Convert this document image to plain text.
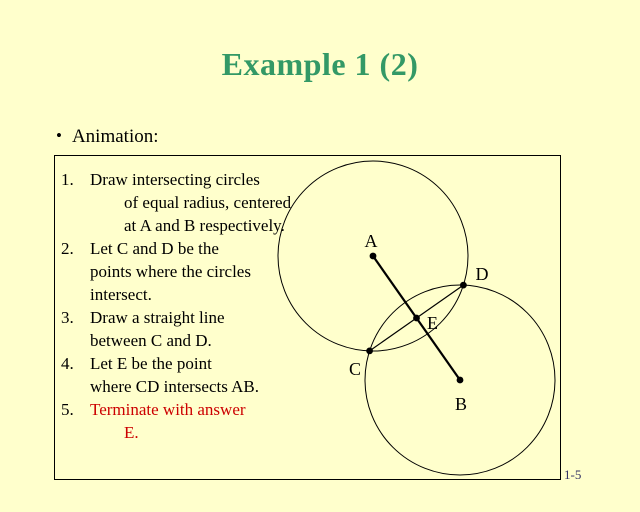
Example 1 (2)
• Animation:
1. Draw intersecting circles
of equal radius, centered
at A and B respectively.
2. Let C and D be the
points where the circles
intersect.
3. Draw a straight line
between C and D.
4. Let E be the point
where CD intersects AB.
5. Terminate with answer
E.
A
D
E
C
B
1-5
